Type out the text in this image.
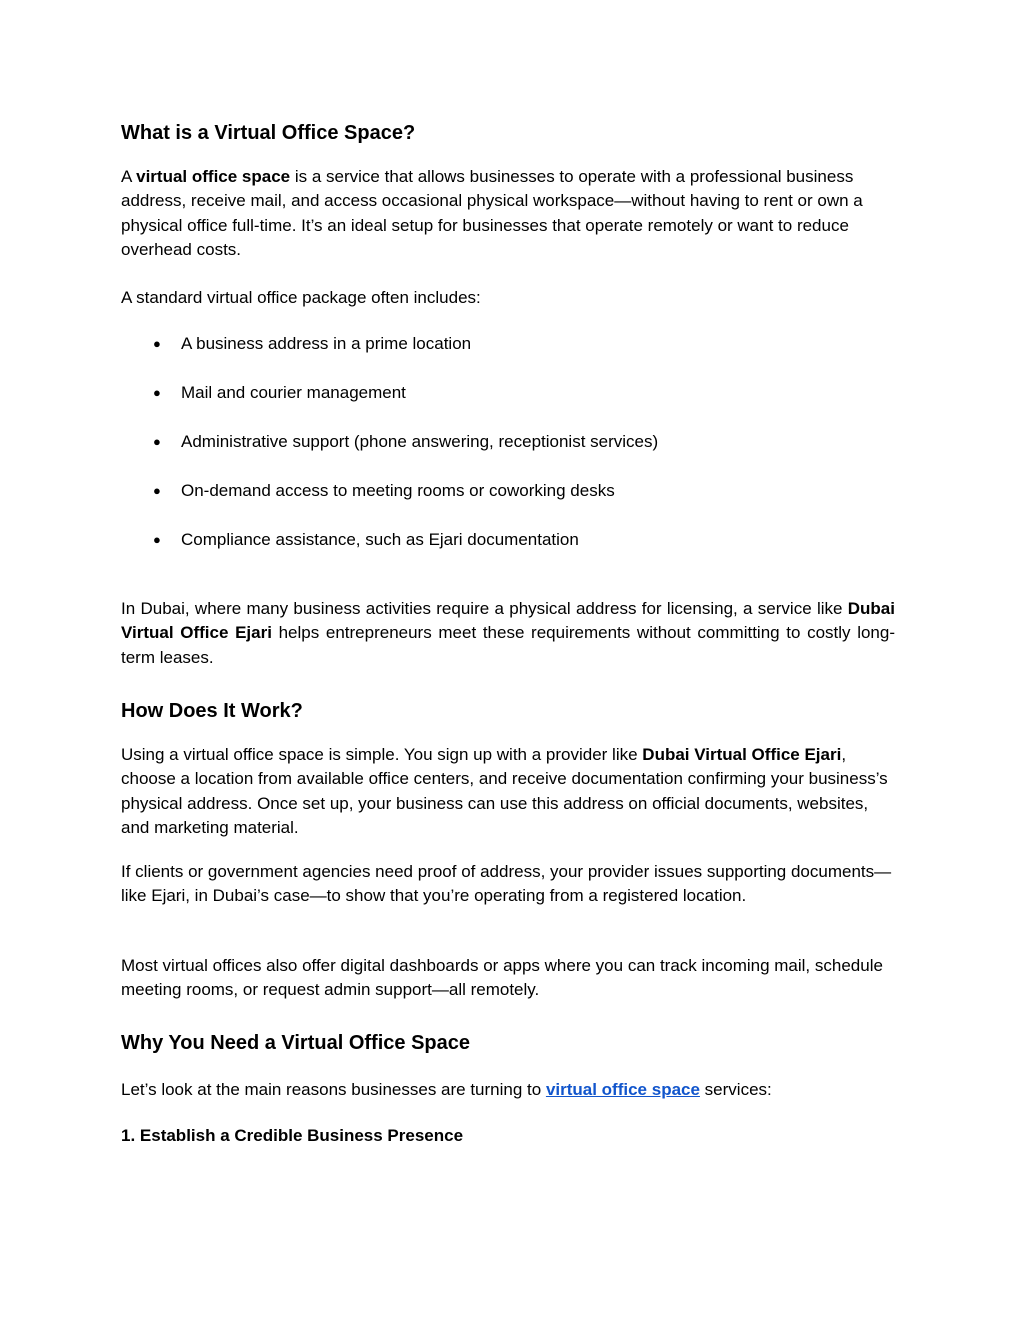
What is a Virtual Office Space?

A virtual office space is a service that allows businesses to operate with a professional business address, receive mail, and access occasional physical workspace—without having to rent or own a physical office full-time. It’s an ideal setup for businesses that operate remotely or want to reduce overhead costs.

A standard virtual office package often includes:

● A business address in a prime location
● Mail and courier management
● Administrative support (phone answering, receptionist services)
● On-demand access to meeting rooms or coworking desks
● Compliance assistance, such as Ejari documentation

In Dubai, where many business activities require a physical address for licensing, a service like Dubai Virtual Office Ejari helps entrepreneurs meet these requirements without committing to costly long-term leases.

How Does It Work?

Using a virtual office space is simple. You sign up with a provider like Dubai Virtual Office Ejari, choose a location from available office centers, and receive documentation confirming your business’s physical address. Once set up, your business can use this address on official documents, websites, and marketing material.

If clients or government agencies need proof of address, your provider issues supporting documents—like Ejari, in Dubai’s case—to show that you’re operating from a registered location.

Most virtual offices also offer digital dashboards or apps where you can track incoming mail, schedule meeting rooms, or request admin support—all remotely.

Why You Need a Virtual Office Space

Let’s look at the main reasons businesses are turning to virtual office space services:

1. Establish a Credible Business Presence
